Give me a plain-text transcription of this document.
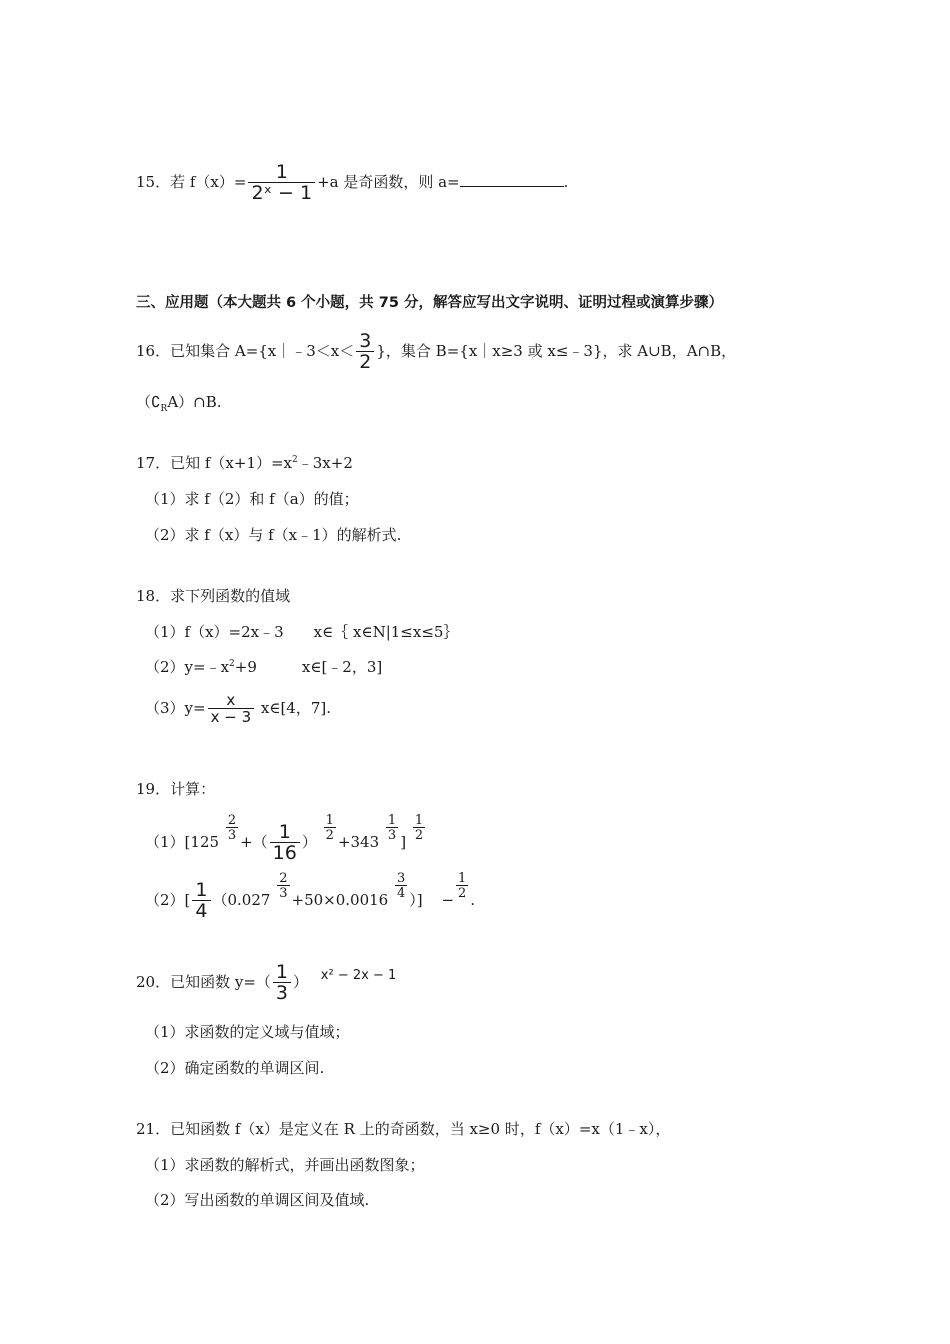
15．若 $f(x)= \frac{1}{\text{2ˣ − 1}} +a$ 是奇函数，则 a=	.
三、应用题（本大题共 6 个小题，共 75 分，解答应写出文字说明、证明过程或演算步骤）
16．已知集合 A={x｜﹣3＜x＜ $\frac{3}{2}$ }，集合 B={x｜x≥3 或 x≤﹣3}，求 A∪B，A∩B，
$(∁_RA)\cap B$.
17．已知 $f(x+1)=x^2﹣3x+2$
（1）求 f（2）和 f（a）的值；
（2）求 f（x）与 f（x﹣1）的解析式.
18．求下列函数的值域
（1）f（x）=2x﹣3　　x∈｛ x∈N|1≤x≤5｝
$(2)y=﹣x^2+9$　　　x∈[﹣2，3]
$(3)y= \frac{x}{x - 3}$ x∈[4，7].
19．计算：
$(1)[125 \frac{2}{3}$ +（ $\frac{1}{16}$ ） $\frac{1}{2} +343 \frac{1}{3}$ ] $\frac{1}{2}$
$(2)[ \frac{1}{4} (0.027 \frac{2}{3} +50\times 0.0016 \frac{3}{4}$ ）] − $\frac{1}{2}$ .
20．已知函数 $y=( \frac{1}{3}$ ） x² − 2x − 1
（1）求函数的定义域与值域；
（2）确定函数的单调区间.
21．已知函数 f（x）是定义在 R 上的奇函数，当 x≥0 时，f（x）=x（1﹣x），
（1）求函数的解析式，并画出函数图象；
（2）写出函数的单调区间及值域.
